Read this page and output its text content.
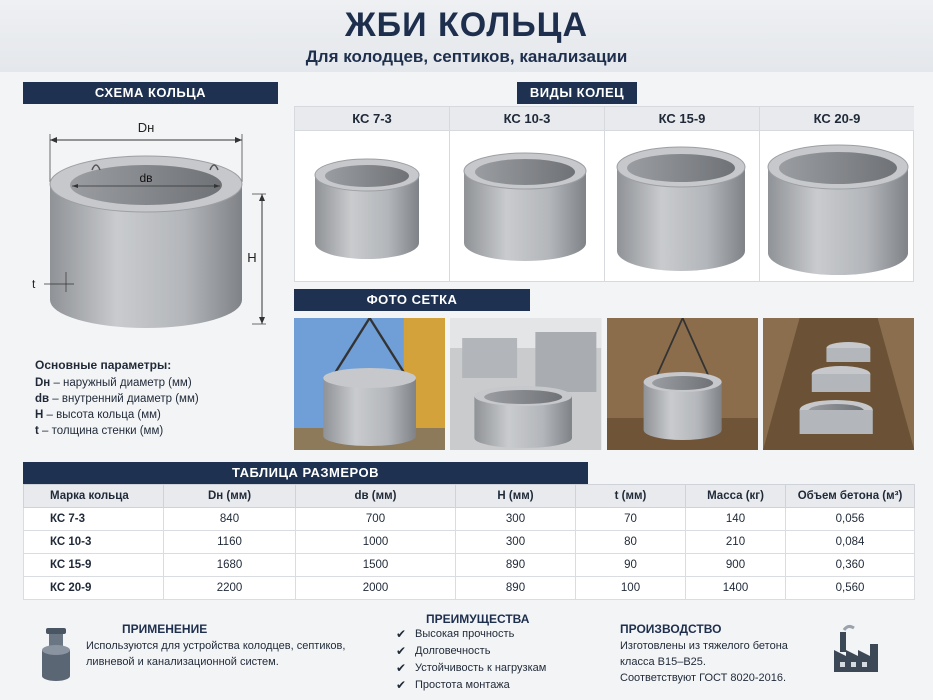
ЖБИ КОЛЬЦА
Для колодцев, септиков, канализации
СХЕМА КОЛЬЦА
Dн
dв
H
t
Основные параметры:
Dн – наружный диаметр (мм)
dв – внутренний диаметр (мм)
H – высота кольца (мм)
t – толщина стенки (мм)
ВИДЫ КОЛЕЦ
КС 7-3	КС 10-3	КС 15-9	КС 20-9
ФОТО СЕТКА
ТАБЛИЦА РАЗМЕРОВ
Марка кольца	Dн (мм)	dв (мм)	H (мм)	t (мм)	Масса (кг)	Объем бетона (м³)
КС 7-3	840	700	300	70	140	0,056
КС 10-3	1160	1000	300	80	210	0,084
КС 15-9	1680	1500	890	90	900	0,360
КС 20-9	2200	2000	890	100	1400	0,560
ПРИМЕНЕНИЕ
Используются для устройства колодцев, септиков,
ливневой и канализационной систем.
ПРЕИМУЩЕСТВА
✔ Высокая прочность
✔ Долговечность
✔ Устойчивость к нагрузкам
✔ Простота монтажа
ПРОИЗВОДСТВО
Изготовлены из тяжелого бетона
класса B15–B25.
Соответствуют ГОСТ 8020-2016.
